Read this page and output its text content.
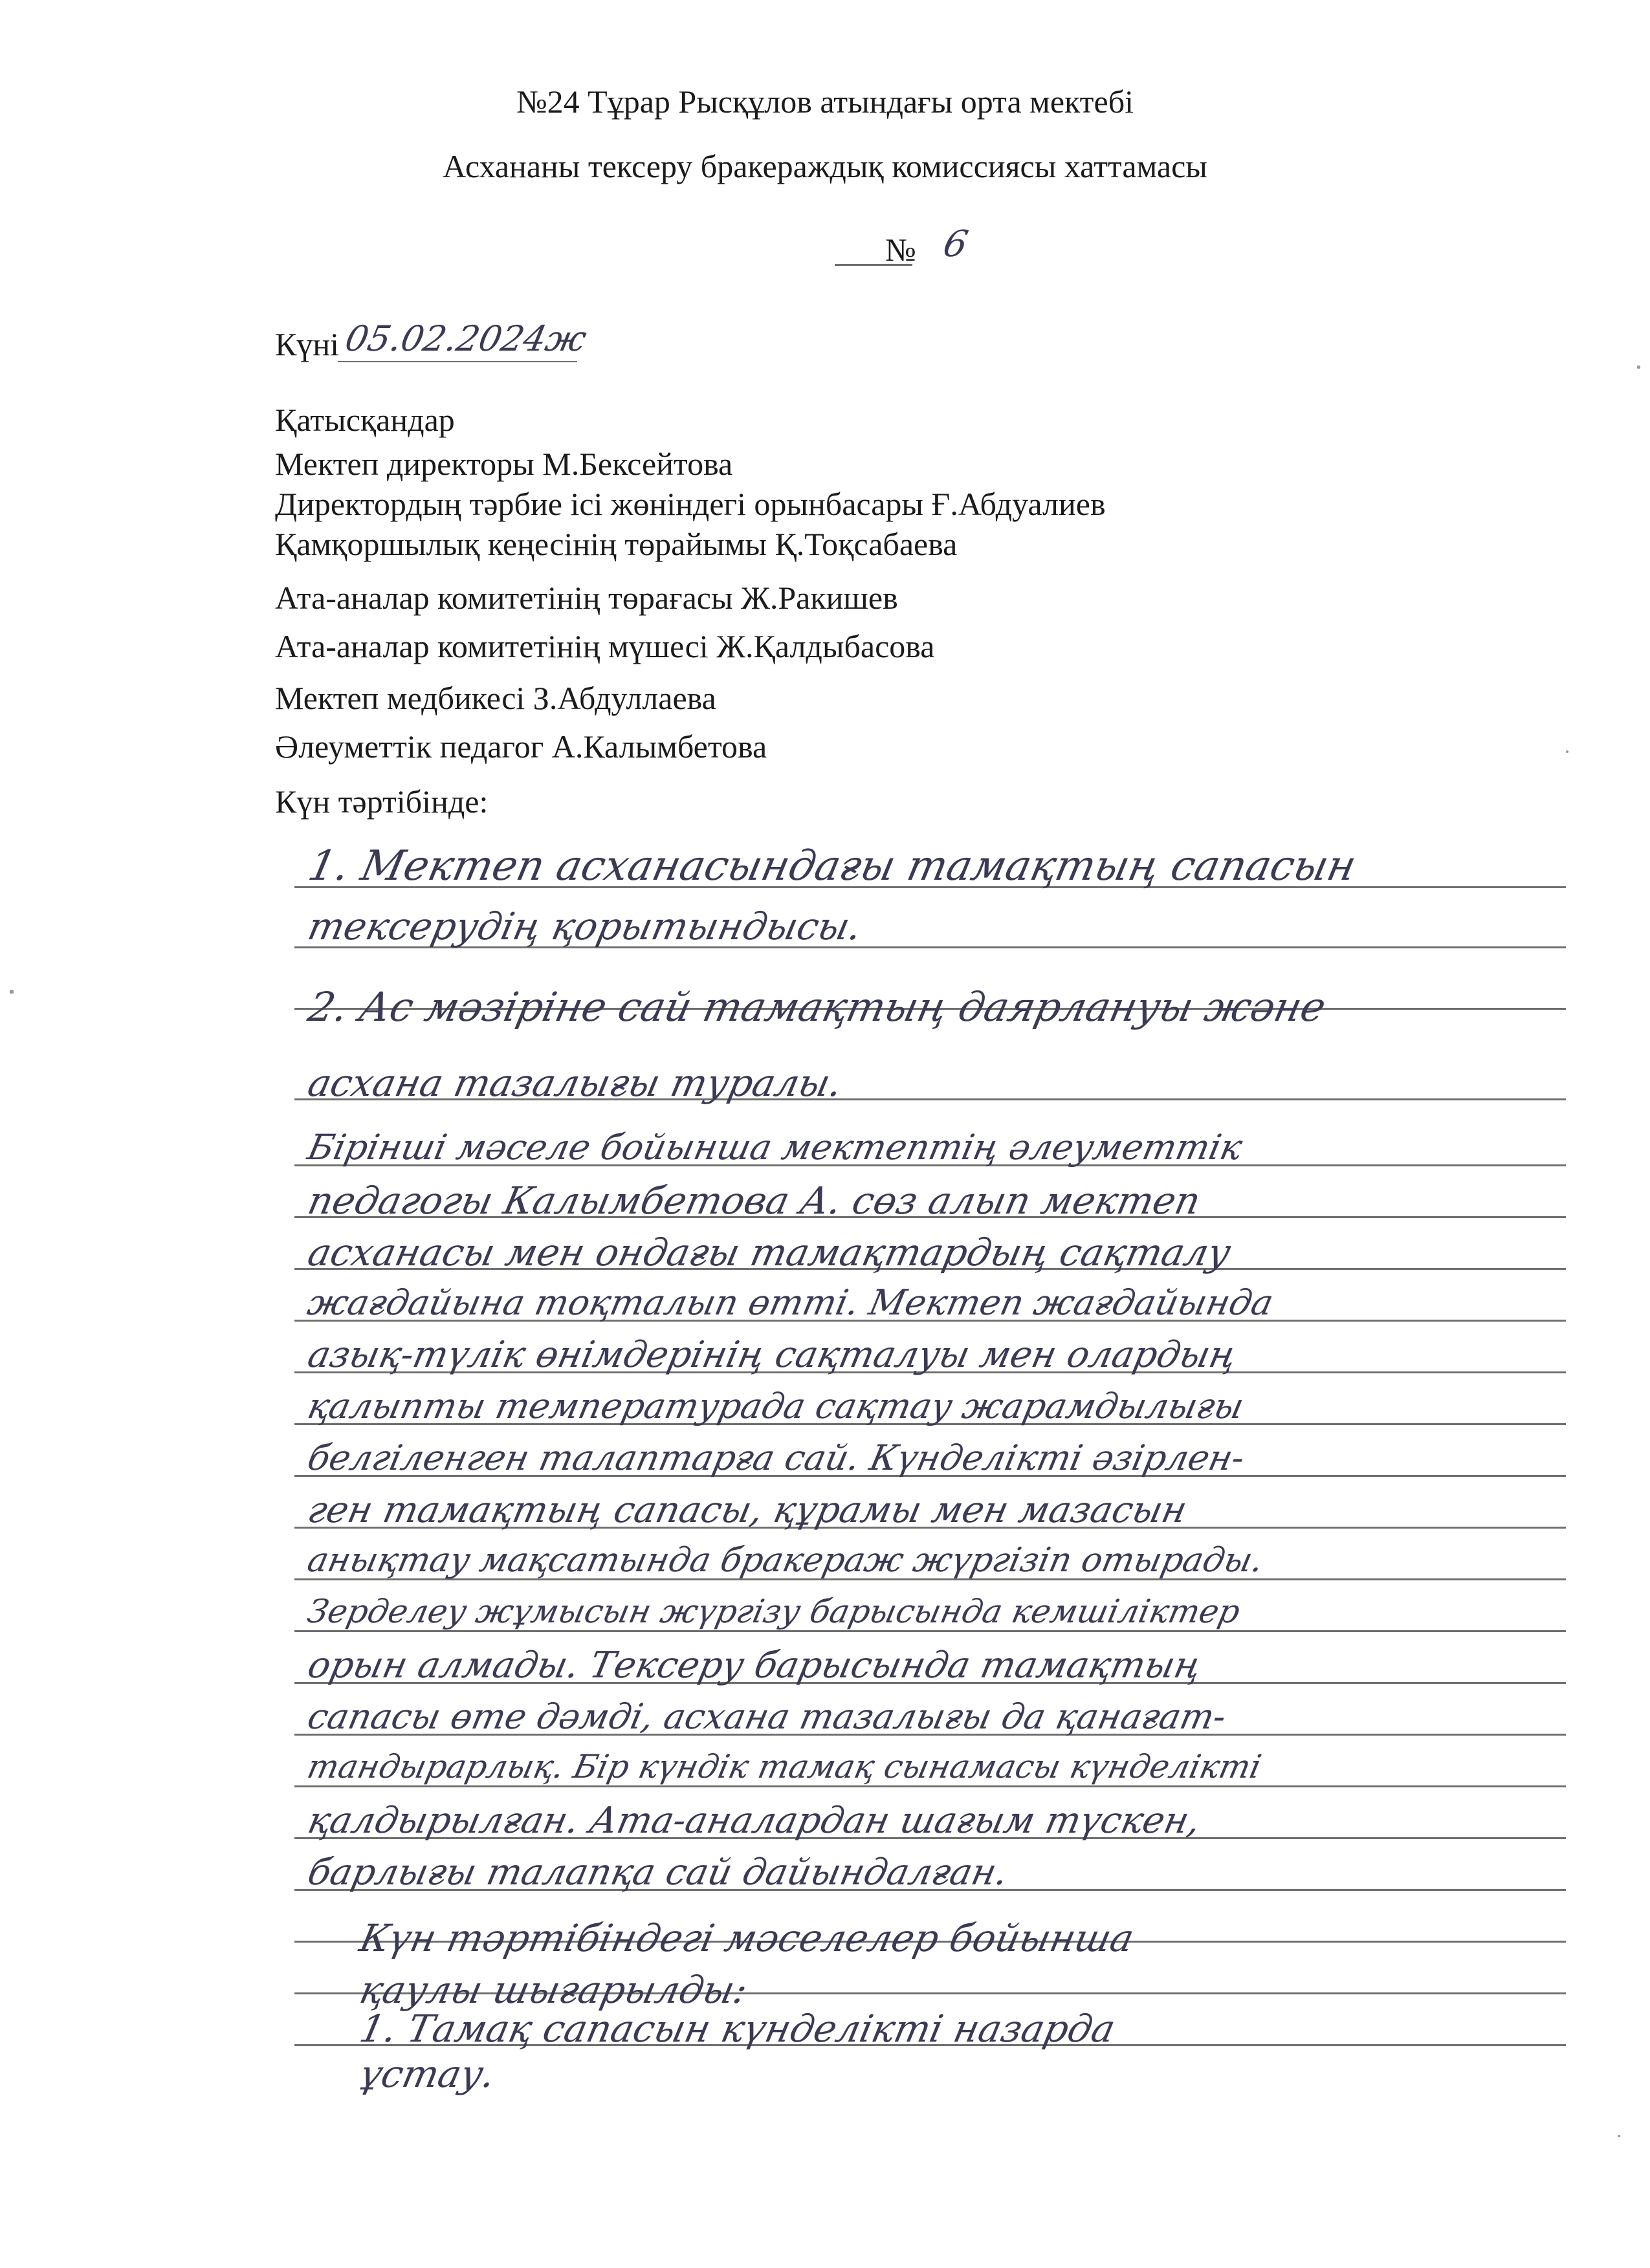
№24 Тұрар Рысқұлов атындағы орта мектебі
Асхананы тексеру бракераждық комиссиясы хаттамасы
№ 6
Күні 05.02.2024ж
Қатысқандар
Мектеп директоры М.Бексейтова
Директордың тәрбие ісі жөніндегі орынбасары Ғ.Абдуалиев
Қамқоршылық кеңесінің төрайымы Қ.Тоқсабаева
Ата-аналар комитетінің төрағасы Ж.Ракишев
Ата-аналар комитетінің мүшесі Ж.Қалдыбасова
Мектеп медбикесі З.Абдуллаева
Әлеуметтік педагог А.Калымбетова
Күн тәртібінде:
1. Мектеп асханасындағы тамақтың сапасын
тексерудің қорытындысы.
2. Ас мәзіріне сай тамақтың даярлануы және
асхана тазалығы туралы.
Бірінші мәселе бойынша мектептің әлеуметтік
педагогы Калымбетова А. сөз алып мектеп
асханасы мен ондағы тамақтардың сақталу
жағдайына тоқталып өтті. Мектеп жағдайында
азық-түлік өнімдерінің сақталуы мен олардың
қалыпты температурада сақтау жарамдылығы
белгіленген талаптарға сай. Күнделікті әзірлен-
ген тамақтың сапасы, құрамы мен мазасын
анықтау мақсатында бракераж жүргізіп отырады.
Зерделеу жұмысын жүргізу барысында кемшіліктер
орын алмады. Тексеру барысында тамақтың
сапасы өте дәмді, асхана тазалығы да қанағат-
тандырарлық. Бір күндік тамақ сынамасы күнделікті
қалдырылған. Ата-аналардан шағым түскен,
барлығы талапқа сай дайындалған.
Күн тәртібіндегі мәселелер бойынша
қаулы шығарылды:
1. Тамақ сапасын күнделікті назарда
ұстау.
